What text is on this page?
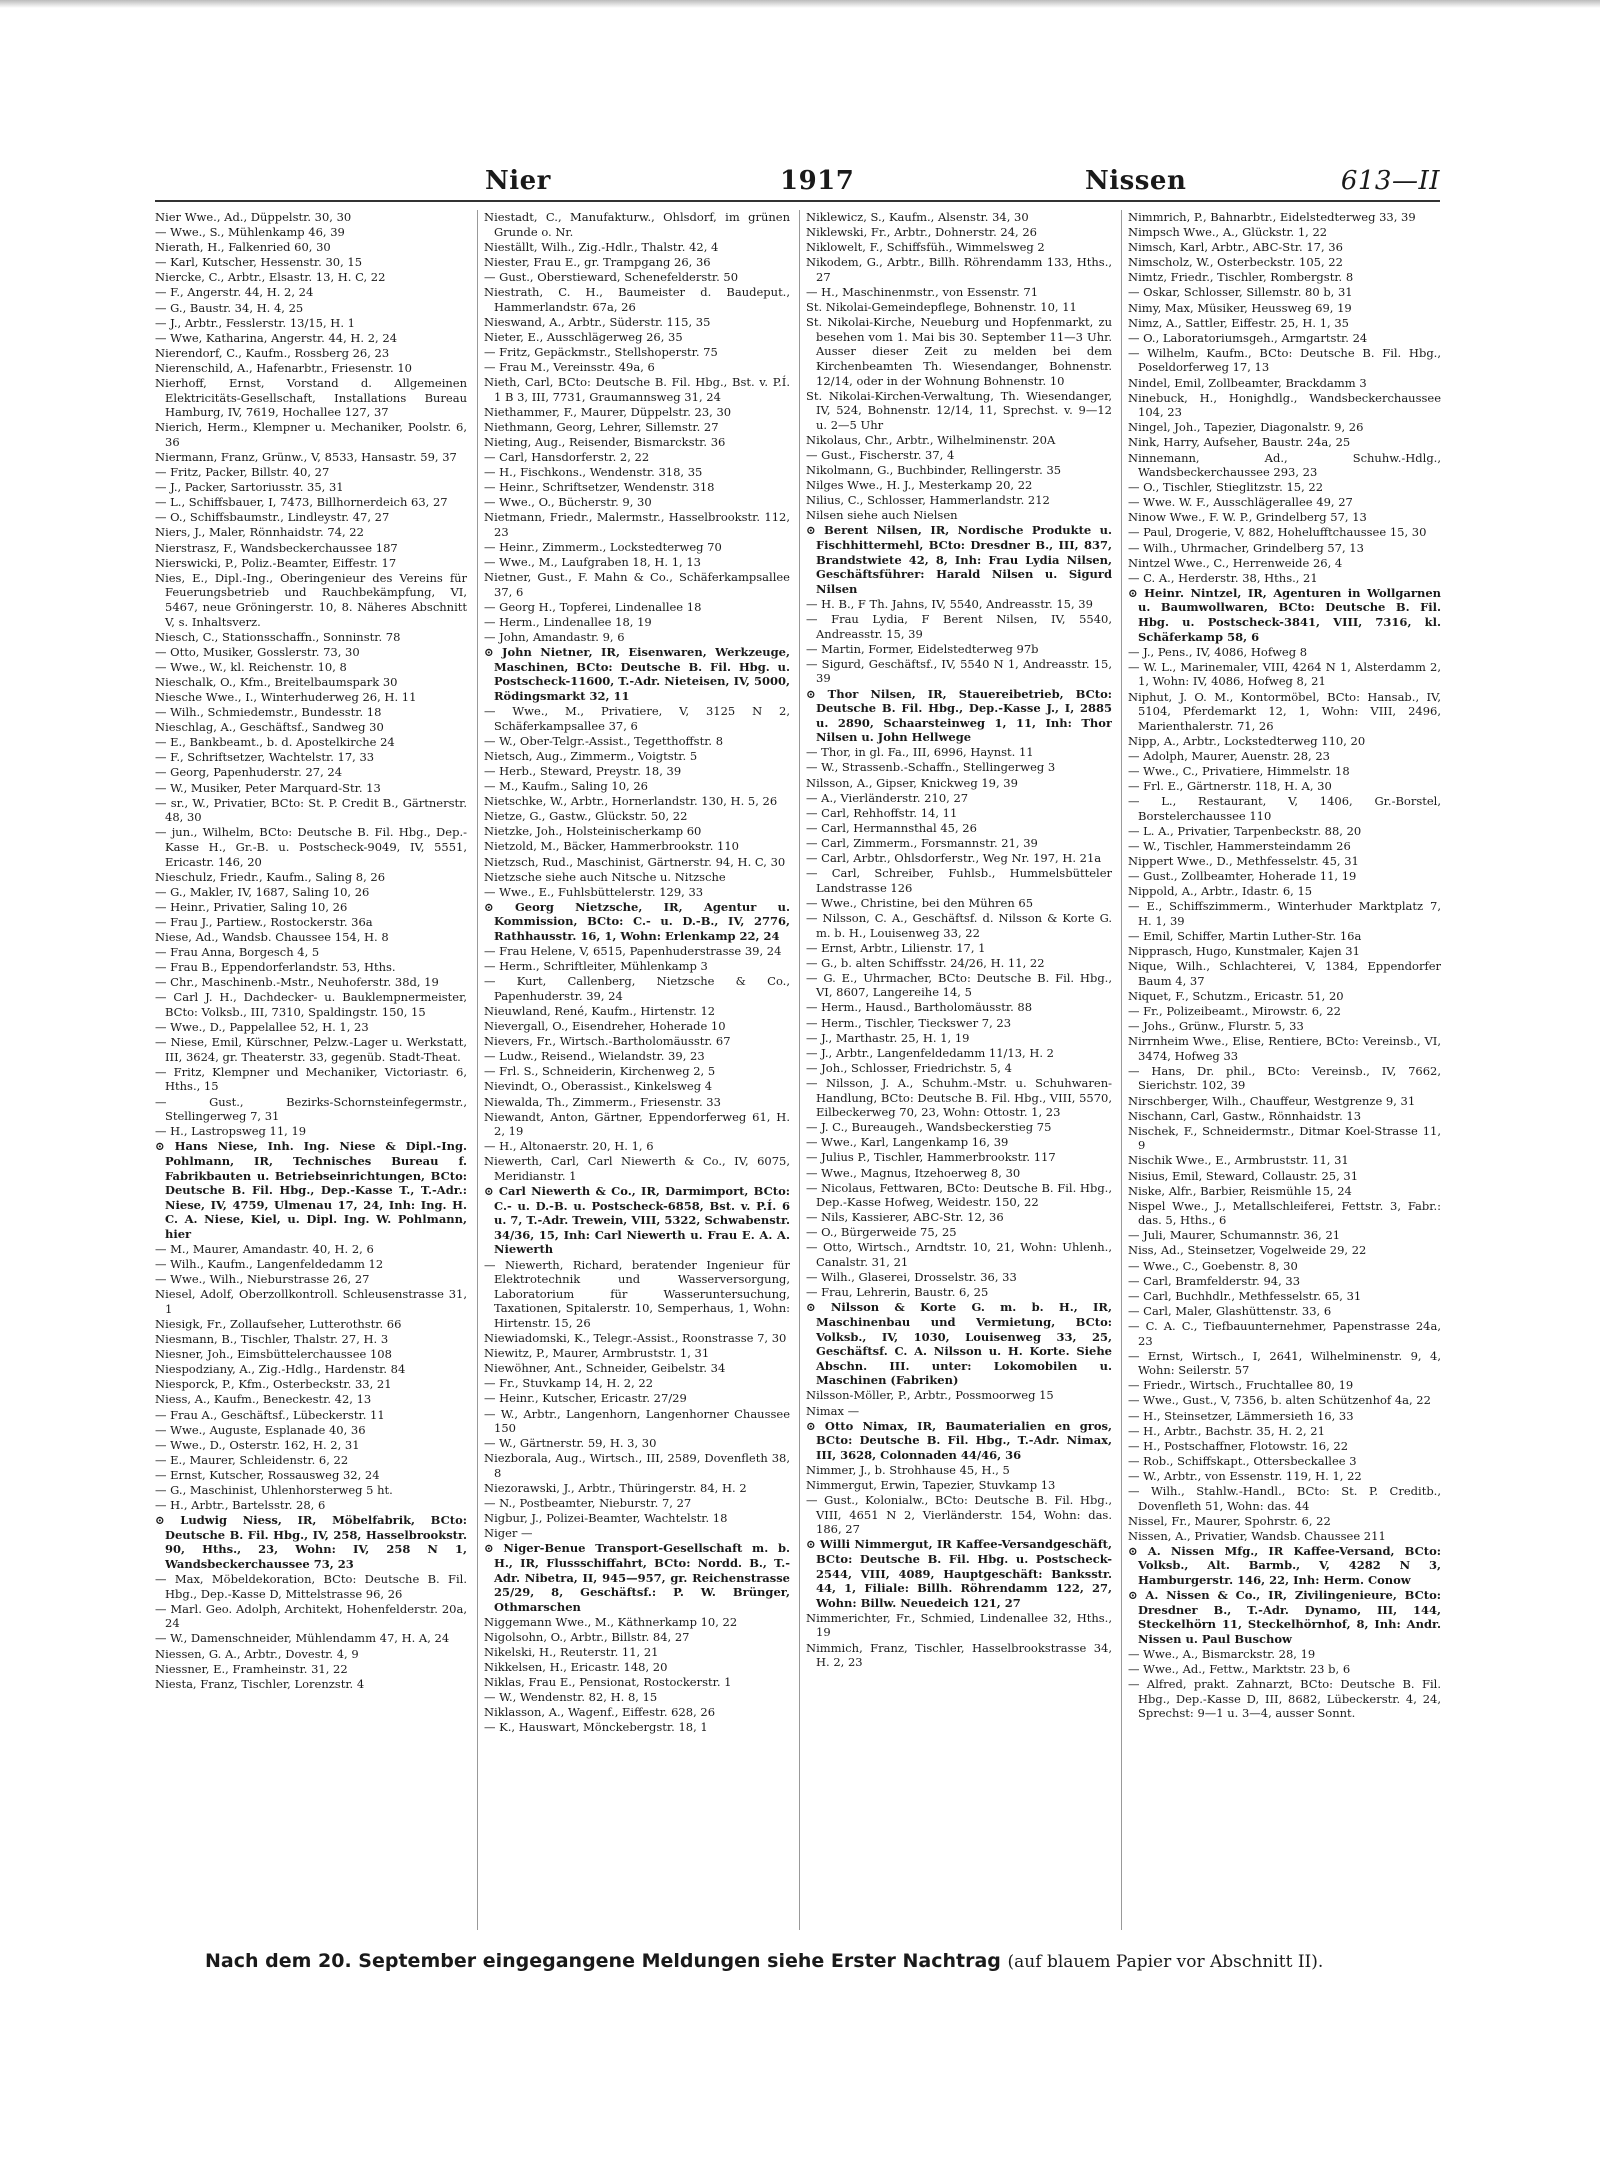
Nier	1917	Nissen	613—II
Nier Wwe., Ad., Düppelstr. 30, 30
— Wwe., S., Mühlenkamp 46, 39
Nierath, H., Falkenried 60, 30
— Karl, Kutscher, Hessenstr. 30, 15
Niercke, C., Arbtr., Elsastr. 13, H. C, 22
— F., Angerstr. 44, H. 2, 24
— G., Baustr. 34, H. 4, 25
— J., Arbtr., Fesslerstr. 13/15, H. 1
— Wwe, Katharina, Angerstr. 44, H. 2, 24
Nierendorf, C., Kaufm., Rossberg 26, 23
Nierenschild, A., Hafenarbtr., Friesenstr. 10
Nierhoff, Ernst, Vorstand d. Allgemeinen Elektricitäts-Gesellschaft, Installations Bureau Hamburg, IV, 7619, Hochallee 127, 37
Nierich, Herm., Klempner u. Mechaniker, Poolstr. 6, 36
Niermann, Franz, Grünw., V, 8533, Hansastr. 59, 37
— Fritz, Packer, Billstr. 40, 27
— J., Packer, Sartoriusstr. 35, 31
— L., Schiffsbauer, I, 7473, Billhornerdeich 63, 27
— O., Schiffsbaumstr., Lindleystr. 47, 27
Niers, J., Maler, Rönnhaidstr. 74, 22
Nierstrasz, F., Wandsbeckerchaussee 187
Nierswicki, P., Poliz.-Beamter, Eiffestr. 17
Nies, E., Dipl.-Ing., Oberingenieur des Vereins für Feuerungsbetrieb und Rauchbekämpfung, VI, 5467, neue Gröningerstr. 10, 8. Näheres Abschnitt V, s. Inhaltsverz.
Niesch, C., Stationsschaffn., Sonninstr. 78
— Otto, Musiker, Gosslerstr. 73, 30
— Wwe., W., kl. Reichenstr. 10, 8
Nieschalk, O., Kfm., Breitelbaumspark 30
Niesche Wwe., I., Winterhuderweg 26, H. 11
— Wilh., Schmiedemstr., Bundesstr. 18
Nieschlag, A., Geschäftsf., Sandweg 30
— E., Bankbeamt., b. d. Apostelkirche 24
— F., Schriftsetzer, Wachtelstr. 17, 33
— Georg, Papenhuderstr. 27, 24
— W., Musiker, Peter Marquard-Str. 13
— sr., W., Privatier, BCto: St. P. Credit B., Gärtnerstr. 48, 30
— jun., Wilhelm, BCto: Deutsche B. Fil. Hbg., Dep.-Kasse H., Gr.-B. u. Postscheck-9049, IV, 5551, Ericastr. 146, 20
Nieschulz, Friedr., Kaufm., Saling 8, 26
— G., Makler, IV, 1687, Saling 10, 26
— Heinr., Privatier, Saling 10, 26
— Frau J., Partiew., Rostockerstr. 36a
Niese, Ad., Wandsb. Chaussee 154, H. 8
— Frau Anna, Borgesch 4, 5
— Frau B., Eppendorferlandstr. 53, Hths.
— Chr., Maschinenb.-Mstr., Neuhoferstr. 38d, 19
— Carl J. H., Dachdecker- u. Bauklempnermeister, BCto: Volksb., III, 7310, Spaldingstr. 150, 15
— Wwe., D., Pappelallee 52, H. 1, 23
— Niese, Emil, Kürschner, Pelzw.-Lager u. Werkstatt, III, 3624, gr. Theaterstr. 33, gegenüb. Stadt-Theat.
— Fritz, Klempner und Mechaniker, Victoriastr. 6, Hths., 15
— Gust., Bezirks-Schornsteinfegermstr., Stellingerweg 7, 31
— H., Lastropsweg 11, 19
⊙ Hans Niese, Inh. Ing. Niese & Dipl.-Ing. Pohlmann, IR, Technisches Bureau f. Fabrikbauten u. Betriebseinrichtungen, BCto: Deutsche B. Fil. Hbg., Dep.-Kasse T., T.-Adr.: Niese, IV, 4759, Ulmenau 17, 24, Inh: Ing. H. C. A. Niese, Kiel, u. Dipl. Ing. W. Pohlmann, hier
— M., Maurer, Amandastr. 40, H. 2, 6
— Wilh., Kaufm., Langenfeldedamm 12
— Wwe., Wilh., Nieburstrasse 26, 27
Niesel, Adolf, Oberzollkontroll. Schleusenstrasse 31, 1
Niesigk, Fr., Zollaufseher, Lutterothstr. 66
Niesmann, B., Tischler, Thalstr. 27, H. 3
Niesner, Joh., Eimsbüttelerchaussee 108
Niespodziany, A., Zig.-Hdlg., Hardenstr. 84
Niesporck, P., Kfm., Osterbeckstr. 33, 21
Niess, A., Kaufm., Beneckestr. 42, 13
— Frau A., Geschäftsf., Lübeckerstr. 11
— Wwe., Auguste, Esplanade 40, 36
— Wwe., D., Osterstr. 162, H. 2, 31
— E., Maurer, Schleidenstr. 6, 22
— Ernst, Kutscher, Rossausweg 32, 24
— G., Maschinist, Uhlenhorsterweg 5 ht.
— H., Arbtr., Bartelsstr. 28, 6
⊙ Ludwig Niess, IR, Möbelfabrik, BCto: Deutsche B. Fil. Hbg., IV, 258, Hasselbrookstr. 90, Hths., 23, Wohn: IV, 258 N 1, Wandsbeckerchaussee 73, 23
— Max, Möbeldekoration, BCto: Deutsche B. Fil. Hbg., Dep.-Kasse D, Mittelstrasse 96, 26
— Marl. Geo. Adolph, Architekt, Hohenfelderstr. 20a, 24
— W., Damenschneider, Mühlendamm 47, H. A, 24
Niessen, G. A., Arbtr., Dovestr. 4, 9
Niessner, E., Framheinstr. 31, 22
Niesta, Franz, Tischler, Lorenzstr. 4
Niestadt, C., Manufakturw., Ohlsdorf, im grünen Grunde o. Nr.
Nieställt, Wilh., Zig.-Hdlr., Thalstr. 42, 4
Niester, Frau E., gr. Trampgang 26, 36
— Gust., Oberstieward, Schenefelderstr. 50
Niestrath, C. H., Baumeister d. Baudeput., Hammerlandstr. 67a, 26
Nieswand, A., Arbtr., Süderstr. 115, 35
Nieter, E., Ausschlägerweg 26, 35
— Fritz, Gepäckmstr., Stellshoperstr. 75
— Frau M., Vereinsstr. 49a, 6
Nieth, Carl, BCto: Deutsche B. Fil. Hbg., Bst. v. P.Í. 1 B 3, III, 7731, Graumannsweg 31, 24
Niethammer, F., Maurer, Düppelstr. 23, 30
Niethmann, Georg, Lehrer, Sillemstr. 27
Nieting, Aug., Reisender, Bismarckstr. 36
— Carl, Hansdorferstr. 2, 22
— H., Fischkons., Wendenstr. 318, 35
— Heinr., Schriftsetzer, Wendenstr. 318
— Wwe., O., Bücherstr. 9, 30
Nietmann, Friedr., Malermstr., Hasselbrookstr. 112, 23
— Heinr., Zimmerm., Lockstedterweg 70
— Wwe., M., Laufgraben 18, H. 1, 13
Nietner, Gust., F. Mahn & Co., Schäferkampsallee 37, 6
— Georg H., Topferei, Lindenallee 18
— Herm., Lindenallee 18, 19
— John, Amandastr. 9, 6
⊙ John Nietner, IR, Eisenwaren, Werkzeuge, Maschinen, BCto: Deutsche B. Fil. Hbg. u. Postscheck-11600, T.-Adr. Nieteisen, IV, 5000, Rödingsmarkt 32, 11
— Wwe., M., Privatiere, V, 3125 N 2, Schäferkampsallee 37, 6
— W., Ober-Telgr.-Assist., Tegetthoffstr. 8
Nietsch, Aug., Zimmerm., Voigtstr. 5
— Herb., Steward, Preystr. 18, 39
— M., Kaufm., Saling 10, 26
Nietschke, W., Arbtr., Hornerlandstr. 130, H. 5, 26
Nietze, G., Gastw., Glückstr. 50, 22
Nietzke, Joh., Holsteinischerkamp 60
Nietzold, M., Bäcker, Hammerbrookstr. 110
Nietzsch, Rud., Maschinist, Gärtnerstr. 94, H. C, 30
Nietzsche siehe auch Nitsche u. Nitzsche
— Wwe., E., Fuhlsbüttelerstr. 129, 33
⊙ Georg Nietzsche, IR, Agentur u. Kommission, BCto: C.- u. D.-B., IV, 2776, Rathhausstr. 16, 1, Wohn: Erlenkamp 22, 24
— Frau Helene, V, 6515, Papenhuderstrasse 39, 24
— Herm., Schriftleiter, Mühlenkamp 3
— Kurt, Callenberg, Nietzsche & Co., Papenhuderstr. 39, 24
Nieuwland, René, Kaufm., Hirtenstr. 12
Nievergall, O., Eisendreher, Hoherade 10
Nievers, Fr., Wirtsch.-Bartholomäusstr. 67
— Ludw., Reisend., Wielandstr. 39, 23
— Frl. S., Schneiderin, Kirchenweg 2, 5
Nievindt, O., Oberassist., Kinkelsweg 4
Niewalda, Th., Zimmerm., Friesenstr. 33
Niewandt, Anton, Gärtner, Eppendorferweg 61, H. 2, 19
— H., Altonaerstr. 20, H. 1, 6
Niewerth, Carl, Carl Niewerth & Co., IV, 6075, Meridianstr. 1
⊙ Carl Niewerth & Co., IR, Darmimport, BCto: C.- u. D.-B. u. Postscheck-6858, Bst. v. P.Í. 6 u. 7, T.-Adr. Trewein, VIII, 5322, Schwabenstr. 34/36, 15, Inh: Carl Niewerth u. Frau E. A. A. Niewerth
— Niewerth, Richard, beratender Ingenieur für Elektrotechnik und Wasserversorgung, Laboratorium für Wasseruntersuchung, Taxationen, Spitalerstr. 10, Semperhaus, 1, Wohn: Hirtenstr. 15, 26
Niewiadomski, K., Telegr.-Assist., Roonstrasse 7, 30
Niewitz, P., Maurer, Armbruststr. 1, 31
Niewöhner, Ant., Schneider, Geibelstr. 34
— Fr., Stuvkamp 14, H. 2, 22
— Heinr., Kutscher, Ericastr. 27/29
— W., Arbtr., Langenhorn, Langenhorner Chaussee 150
— W., Gärtnerstr. 59, H. 3, 30
Niezborala, Aug., Wirtsch., III, 2589, Dovenfleth 38, 8
Niezorawski, J., Arbtr., Thüringerstr. 84, H. 2
— N., Postbeamter, Nieburstr. 7, 27
Nigbur, J., Polizei-Beamter, Wachtelstr. 18
Niger —
⊙ Niger-Benue Transport-Gesellschaft m. b. H., IR, Flussschiffahrt, BCto: Nordd. B., T.-Adr. Nibetra, II, 945—957, gr. Reichenstrasse 25/29, 8, Geschäftsf.: P. W. Brünger, Othmarschen
Niggemann Wwe., M., Käthnerkamp 10, 22
Nigolsohn, O., Arbtr., Billstr. 84, 27
Nikelski, H., Reuterstr. 11, 21
Nikkelsen, H., Ericastr. 148, 20
Niklas, Frau E., Pensionat, Rostockerstr. 1
— W., Wendenstr. 82, H. 8, 15
Niklasson, A., Wagenf., Eiffestr. 628, 26
— K., Hauswart, Mönckebergstr. 18, 1
Niklewicz, S., Kaufm., Alsenstr. 34, 30
Niklewski, Fr., Arbtr., Dohnerstr. 24, 26
Niklowelt, F., Schiffsfüh., Wimmelsweg 2
Nikodem, G., Arbtr., Billh. Röhrendamm 133, Hths., 27
— H., Maschinenmstr., von Essenstr. 71
St. Nikolai-Gemeindepflege, Bohnenstr. 10, 11
St. Nikolai-Kirche, Neueburg und Hopfenmarkt, zu besehen vom 1. Mai bis 30. September 11—3 Uhr. Ausser dieser Zeit zu melden bei dem Kirchenbeamten Th. Wiesendanger, Bohnenstr. 12/14, oder in der Wohnung Bohnenstr. 10
St. Nikolai-Kirchen-Verwaltung, Th. Wiesendanger, IV, 524, Bohnenstr. 12/14, 11, Sprechst. v. 9—12 u. 2—5 Uhr
Nikolaus, Chr., Arbtr., Wilhelminenstr. 20A
— Gust., Fischerstr. 37, 4
Nikolmann, G., Buchbinder, Rellingerstr. 35
Nilges Wwe., H. J., Mesterkamp 20, 22
Nilius, C., Schlosser, Hammerlandstr. 212
Nilsen siehe auch Nielsen
⊙ Berent Nilsen, IR, Nordische Produkte u. Fischhittermehl, BCto: Dresdner B., III, 837, Brandstwiete 42, 8, Inh: Frau Lydia Nilsen, Geschäftsführer: Harald Nilsen u. Sigurd Nilsen
— H. B., F Th. Jahns, IV, 5540, Andreasstr. 15, 39
— Frau Lydia, F Berent Nilsen, IV, 5540, Andreasstr. 15, 39
— Martin, Former, Eidelstedterweg 97b
— Sigurd, Geschäftsf., IV, 5540 N 1, Andreasstr. 15, 39
⊙ Thor Nilsen, IR, Stauereibetrieb, BCto: Deutsche B. Fil. Hbg., Dep.-Kasse J., I, 2885 u. 2890, Schaarsteinweg 1, 11, Inh: Thor Nilsen u. John Hellwege
— Thor, in gl. Fa., III, 6996, Haynst. 11
— W., Strassenb.-Schaffn., Stellingerweg 3
Nilsson, A., Gipser, Knickweg 19, 39
— A., Vierländerstr. 210, 27
— Carl, Rehhoffstr. 14, 11
— Carl, Hermannsthal 45, 26
— Carl, Zimmerm., Forsmannstr. 21, 39
— Carl, Arbtr., Ohlsdorferstr., Weg Nr. 197, H. 21a
— Carl, Schreiber, Fuhlsb., Hummelsbütteler Landstrasse 126
— Wwe., Christine, bei den Mühren 65
— Nilsson, C. A., Geschäftsf. d. Nilsson & Korte G. m. b. H., Louisenweg 33, 22
— Ernst, Arbtr., Lilienstr. 17, 1
— G., b. alten Schiffsstr. 24/26, H. 11, 22
— G. E., Uhrmacher, BCto: Deutsche B. Fil. Hbg., VI, 8607, Langereihe 14, 5
— Herm., Hausd., Bartholomäusstr. 88
— Herm., Tischler, Tieckswer 7, 23
— J., Marthastr. 25, H. 1, 19
— J., Arbtr., Langenfeldedamm 11/13, H. 2
— Joh., Schlosser, Friedrichstr. 5, 4
— Nilsson, J. A., Schuhm.-Mstr. u. Schuhwaren-Handlung, BCto: Deutsche B. Fil. Hbg., VIII, 5570, Eilbeckerweg 70, 23, Wohn: Ottostr. 1, 23
— J. C., Bureaugeh., Wandsbeckerstieg 75
— Wwe., Karl, Langenkamp 16, 39
— Julius P., Tischler, Hammerbrookstr. 117
— Wwe., Magnus, Itzehoerweg 8, 30
— Nicolaus, Fettwaren, BCto: Deutsche B. Fil. Hbg., Dep.-Kasse Hofweg, Weidestr. 150, 22
— Nils, Kassierer, ABC-Str. 12, 36
— O., Bürgerweide 75, 25
— Otto, Wirtsch., Arndtstr. 10, 21, Wohn: Uhlenh., Canalstr. 31, 21
— Wilh., Glaserei, Drosselstr. 36, 33
— Frau, Lehrerin, Baustr. 6, 25
⊙ Nilsson & Korte G. m. b. H., IR, Maschinenbau und Vermietung, BCto: Volksb., IV, 1030, Louisenweg 33, 25, Geschäftsf. C. A. Nilsson u. H. Korte. Siehe Abschn. III. unter: Lokomobilen u. Maschinen (Fabriken)
Nilsson-Möller, P., Arbtr., Possmoorweg 15
Nimax —
⊙ Otto Nimax, IR, Baumaterialien en gros, BCto: Deutsche B. Fil. Hbg., T.-Adr. Nimax, III, 3628, Colonnaden 44/46, 36
Nimmer, J., b. Strohhause 45, H., 5
Nimmergut, Erwin, Tapezier, Stuvkamp 13
— Gust., Kolonialw., BCto: Deutsche B. Fil. Hbg., VIII, 4651 N 2, Vierländerstr. 154, Wohn: das. 186, 27
⊙ Willi Nimmergut, IR Kaffee-Versandgeschäft, BCto: Deutsche B. Fil. Hbg. u. Postscheck-2544, VIII, 4089, Hauptgeschäft: Banksstr. 44, 1, Filiale: Billh. Röhrendamm 122, 27, Wohn: Billw. Neuedeich 121, 27
Nimmerichter, Fr., Schmied, Lindenallee 32, Hths., 19
Nimmich, Franz, Tischler, Hasselbrookstrasse 34, H. 2, 23
Nimmrich, P., Bahnarbtr., Eidelstedterweg 33, 39
Nimpsch Wwe., A., Glückstr. 1, 22
Nimsch, Karl, Arbtr., ABC-Str. 17, 36
Nimscholz, W., Osterbeckstr. 105, 22
Nimtz, Friedr., Tischler, Rombergstr. 8
— Oskar, Schlosser, Sillemstr. 80 b, 31
Nimy, Max, Müsiker, Heussweg 69, 19
Nimz, A., Sattler, Eiffestr. 25, H. 1, 35
— O., Laboratoriumsgeh., Armgartstr. 24
— Wilhelm, Kaufm., BCto: Deutsche B. Fil. Hbg., Poseldorferweg 17, 13
Nindel, Emil, Zollbeamter, Brackdamm 3
Ninebuck, H., Honighdlg., Wandsbeckerchaussee 104, 23
Ningel, Joh., Tapezier, Diagonalstr. 9, 26
Nink, Harry, Aufseher, Baustr. 24a, 25
Ninnemann, Ad., Schuhw.-Hdlg., Wandsbeckerchaussee 293, 23
— O., Tischler, Stieglitzstr. 15, 22
— Wwe. W. F., Ausschlägerallee 49, 27
Ninow Wwe., F. W. P., Grindelberg 57, 13
— Paul, Drogerie, V, 882, Hohelufftchaussee 15, 30
— Wilh., Uhrmacher, Grindelberg 57, 13
Nintzel Wwe., C., Herrenweide 26, 4
— C. A., Herderstr. 38, Hths., 21
⊙ Heinr. Nintzel, IR, Agenturen in Wollgarnen u. Baumwollwaren, BCto: Deutsche B. Fil. Hbg. u. Postscheck-3841, VIII, 7316, kl. Schäferkamp 58, 6
— J., Pens., IV, 4086, Hofweg 8
— W. L., Marinemaler, VIII, 4264 N 1, Alsterdamm 2, 1, Wohn: IV, 4086, Hofweg 8, 21
Niphut, J. O. M., Kontormöbel, BCto: Hansab., IV, 5104, Pferdemarkt 12, 1, Wohn: VIII, 2496, Marienthalerstr. 71, 26
Nipp, A., Arbtr., Lockstedterweg 110, 20
— Adolph, Maurer, Auenstr. 28, 23
— Wwe., C., Privatiere, Himmelstr. 18
— Frl. E., Gärtnerstr. 118, H. A, 30
— L., Restaurant, V, 1406, Gr.-Borstel, Borstelerchaussee 110
— L. A., Privatier, Tarpenbeckstr. 88, 20
— W., Tischler, Hammersteindamm 26
Nippert Wwe., D., Methfesselstr. 45, 31
— Gust., Zollbeamter, Hoherade 11, 19
Nippold, A., Arbtr., Idastr. 6, 15
— E., Schiffszimmerm., Winterhuder Marktplatz 7, H. 1, 39
— Emil, Schiffer, Martin Luther-Str. 16a
Nipprasch, Hugo, Kunstmaler, Kajen 31
Nique, Wilh., Schlachterei, V, 1384, Eppendorfer Baum 4, 37
Niquet, F., Schutzm., Ericastr. 51, 20
— Fr., Polizeibeamt., Mirowstr. 6, 22
— Johs., Grünw., Flurstr. 5, 33
Nirrnheim Wwe., Elise, Rentiere, BCto: Vereinsb., VI, 3474, Hofweg 33
— Hans, Dr. phil., BCto: Vereinsb., IV, 7662, Sierichstr. 102, 39
Nirschberger, Wilh., Chauffeur, Westgrenze 9, 31
Nischann, Carl, Gastw., Rönnhaidstr. 13
Nischek, F., Schneidermstr., Ditmar Koel-Strasse 11, 9
Nischik Wwe., E., Armbruststr. 11, 31
Nisius, Emil, Steward, Collaustr. 25, 31
Niske, Alfr., Barbier, Reismühle 15, 24
Nispel Wwe., J., Metallschleiferei, Fettstr. 3, Fabr.: das. 5, Hths., 6
— Juli, Maurer, Schumannstr. 36, 21
Niss, Ad., Steinsetzer, Vogelweide 29, 22
— Wwe., C., Goebenstr. 8, 30
— Carl, Bramfelderstr. 94, 33
— Carl, Buchhdlr., Methfesselstr. 65, 31
— Carl, Maler, Glashüttenstr. 33, 6
— C. A. C., Tiefbauunternehmer, Papenstrasse 24a, 23
— Ernst, Wirtsch., I, 2641, Wilhelminenstr. 9, 4, Wohn: Seilerstr. 57
— Friedr., Wirtsch., Fruchtallee 80, 19
— Wwe., Gust., V, 7356, b. alten Schützenhof 4a, 22
— H., Steinsetzer, Lämmersieth 16, 33
— H., Arbtr., Bachstr. 35, H. 2, 21
— H., Postschaffner, Flotowstr. 16, 22
— Rob., Schiffskapt., Ottersbeckallee 3
— W., Arbtr., von Essenstr. 119, H. 1, 22
— Wilh., Stahlw.-Handl., BCto: St. P. Creditb., Dovenfleth 51, Wohn: das. 44
Nissel, Fr., Maurer, Spohrstr. 6, 22
Nissen, A., Privatier, Wandsb. Chaussee 211
⊙ A. Nissen Mfg., IR Kaffee-Versand, BCto: Volksb., Alt. Barmb., V, 4282 N 3, Hamburgerstr. 146, 22, Inh: Herm. Conow
⊙ A. Nissen & Co., IR, Zivilingenieure, BCto: Dresdner B., T.-Adr. Dynamo, III, 144, Steckelhörn 11, Steckelhörnhof, 8, Inh: Andr. Nissen u. Paul Buschow
— Wwe., A., Bismarckstr. 28, 19
— Wwe., Ad., Fettw., Marktstr. 23 b, 6
— Alfred, prakt. Zahnarzt, BCto: Deutsche B. Fil. Hbg., Dep.-Kasse D, III, 8682, Lübeckerstr. 4, 24, Sprechst: 9—1 u. 3—4, ausser Sonnt.
Nach dem 20. September eingegangene Meldungen siehe Erster Nachtrag (auf blauem Papier vor Abschnitt II).
